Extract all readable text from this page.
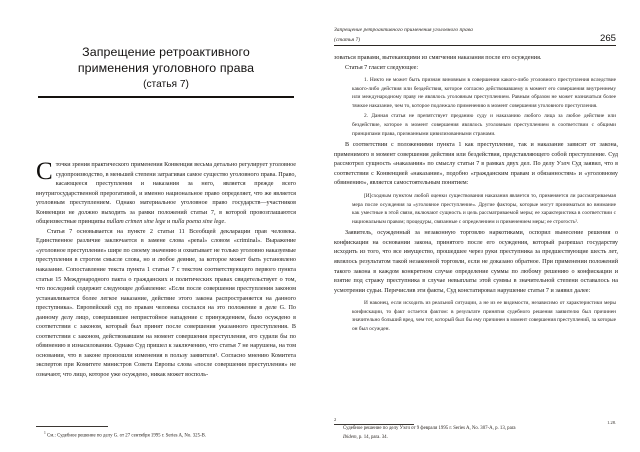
Запрещение ретроактивного
применения уголовного права
(статья 7)
С точки зрения практического применения Конвенция весьма детально регулирует уголовное судопроизводство, в меньшей степени затрагивая самое существо уголовного права. Право, касающееся преступления и наказания за него, является прежде всего внутригосударственной прерогативой, и именно национальное право определяет, что же является уголовным преступлением. Однако материальное уголовное право государств—участников Конвенции не должно выходить за рамки положений статьи 7, в которой провозглашаются общеизвестные принципы nullam crimen sine lege и nulla poena sine lege.
Статья 7 основывается на пункте 2 статьи 11 Всеобщей декларации прав человека. Единственное различие заключается в замене слова «penal» словом «criminal». Выражение «уголовное преступление» шире по своему значению и охватывает не только уголовно наказуемые преступления в строгом смысле слова, но и любое деяние, за которое может быть установлено наказание. Сопоставление текста пункта 1 статьи 7 с текстом соответствующего первого пункта статьи 15 Международного пакта о гражданских и политических правах свидетельствует о том, что последний содержит следующее добавление: «Если после совершения преступления законом устанавливается более легкое наказание, действие этого закона распространяется на данного преступника». Европейский суд по правам человека сослался на это положение в деле G. По данному делу лицо, совершившее непристойное нападение с принуждением, было осуждено в соответствии с законом, который был принят после совершения указанного преступления. В соответствии с законом, действовавшим на момент совершения преступления, его судили бы по обвинению в изнасиловании. Однако Суд пришел к заключению, что статья 7 не нарушена, на том основании, что в законе произошли изменения в пользу заявителя¹. Согласно мнению Комитета экспертов при Комитете министров Совета Европы слова «после совершения преступления» не означают, что лицо, которое уже осуждено, никак может восполь-
$^1$ См.: Судебное решение по делу G. от 27 сентября 1995 г. Series A, No. 325-B.
Запрещение ретроактивного применения уголовного права
(статья 7)	265
зоваться правами, вытекающими из смягчения наказания после его осуждения.
Статья 7 гласит следующее:

1. Никто не может быть признан виновным в совершении какого-либо уголовного преступления вследствие какого-либо действия или бездействия, которое согласно действовавшему в момент его совершения внутреннему или международному праву не являлось уголовным преступлением. Равным образом не может назначаться более тяжкое наказание, чем то, которое подлежало применению в момент совершения уголовного преступления.

2. Данная статья не препятствует преданию суду и наказанию любого лица за любое действие или бездействие, которое в момент совершения являлось уголовным преступлением в соответствии с общими принципами права, признанными цивилизованными странами.

В соответствии с положениями пункта 1 как преступление, так и наказание зависят от закона, применимого в момент совершения действия или бездействия, представляющего собой преступление. Суд рассмотрел сущность «наказания» по смыслу статьи 7 в рамках двух дел. По делу Уэлч Суд заявил, что в соответствии с Конвенцией «наказание», подобно «гражданским правам и обязанностям» и «уголовному обвинению», является самостоятельным понятием:

[И]сходным пунктом любой оценки существования наказания является то, применяется ли рассматриваемая мера после осуждения за «уголовное преступление». Другие факторы, которые могут приниматься во внимание как уместные в этой связи, включают сущность и цель рассматриваемой меры; ее характеристика в соответствии с национальным правом; процедуры, связанные с определением и применением меры; ее строгость².

Заявитель, осужденный за незаконную торговлю наркотиками, оспорил вынесение решения о конфискации на основании закона, принятого после его осуждения, который разрешал государству исходить из того, что все имущество, прошедшее через руки преступника за предшествующие шесть лет, являлось результатом такой незаконной торговли, если не доказано обратное. При применении положений такого закона в каждом конкретном случае определение суммы по любому решению о конфискации и взятие под стражу преступника в случае невыплаты этой суммы в значительной степени оставалось на усмотрении судьи. Перечислив эти факты, Суд констатировал нарушение статьи 7 и заявил далее:

И наконец, если исходить из реальной ситуации, а не из ее видимости, независимо от характеристики меры конфискации, то факт остается фактом: в результате принятия судебного решения заявителю был причинен значительно больший вред, чем тот, который был бы ему причинен в момент совершения преступлений, за которые он был осужден.

2
1.28.
Судебное решение по делу Уэлч от 9 февраля 1995 г. Series A, No. 307-A, p. 13, para
Ibidem, p. 14, para. 34.
